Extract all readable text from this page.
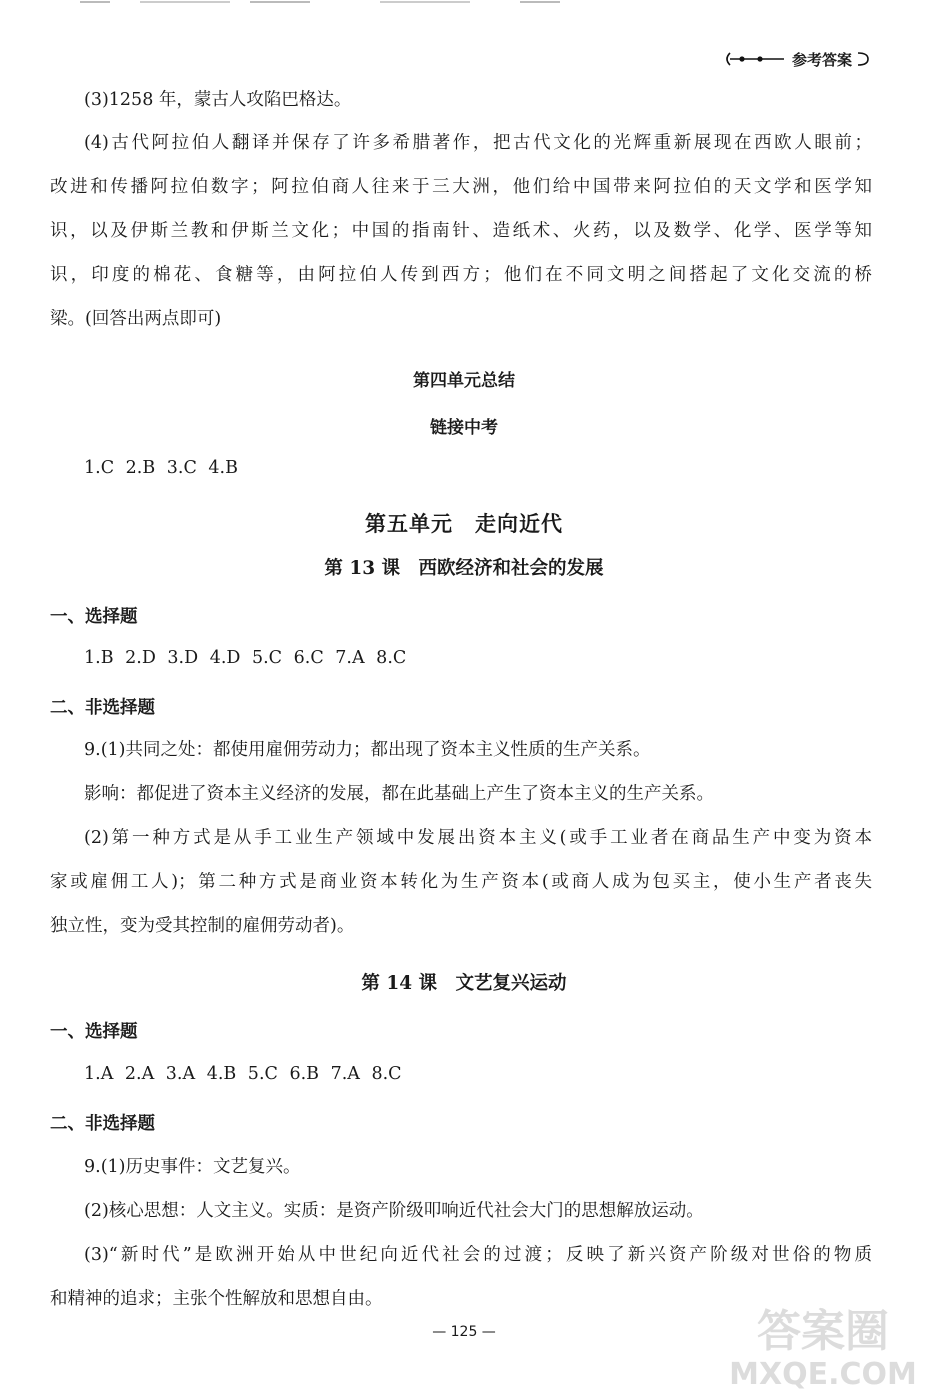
参考答案
(3)1258 年，蒙古人攻陷巴格达。
(4)古代阿拉伯人翻译并保存了许多希腊著作，把古代文化的光辉重新展现在西欧人眼前；
改进和传播阿拉伯数字；阿拉伯商人往来于三大洲，他们给中国带来阿拉伯的天文学和医学知
识，以及伊斯兰教和伊斯兰文化；中国的指南针、造纸术、火药，以及数学、化学、医学等知
识，印度的棉花、食糖等，由阿拉伯人传到西方；他们在不同文明之间搭起了文化交流的桥
梁。(回答出两点即可)
第四单元总结
链接中考
1.C 2.B 3.C 4.B
第五单元　走向近代
第 13 课　西欧经济和社会的发展
一、选择题
1.B 2.D 3.D 4.D 5.C 6.C 7.A 8.C
二、非选择题
9.(1)共同之处：都使用雇佣劳动力；都出现了资本主义性质的生产关系。
影响：都促进了资本主义经济的发展，都在此基础上产生了资本主义的生产关系。
(2)第一种方式是从手工业生产领域中发展出资本主义(或手工业者在商品生产中变为资本
家或雇佣工人)；第二种方式是商业资本转化为生产资本(或商人成为包买主，使小生产者丧失
独立性，变为受其控制的雇佣劳动者)。
第 14 课　文艺复兴运动
一、选择题
1.A 2.A 3.A 4.B 5.C 6.B 7.A 8.C
二、非选择题
9.(1)历史事件：文艺复兴。
(2)核心思想：人文主义。实质：是资产阶级叩响近代社会大门的思想解放运动。
(3)“新时代”是欧洲开始从中世纪向近代社会的过渡；反映了新兴资产阶级对世俗的物质
和精神的追求；主张个性解放和思想自由。
— 125 —	答案圈
MXQE.COM
